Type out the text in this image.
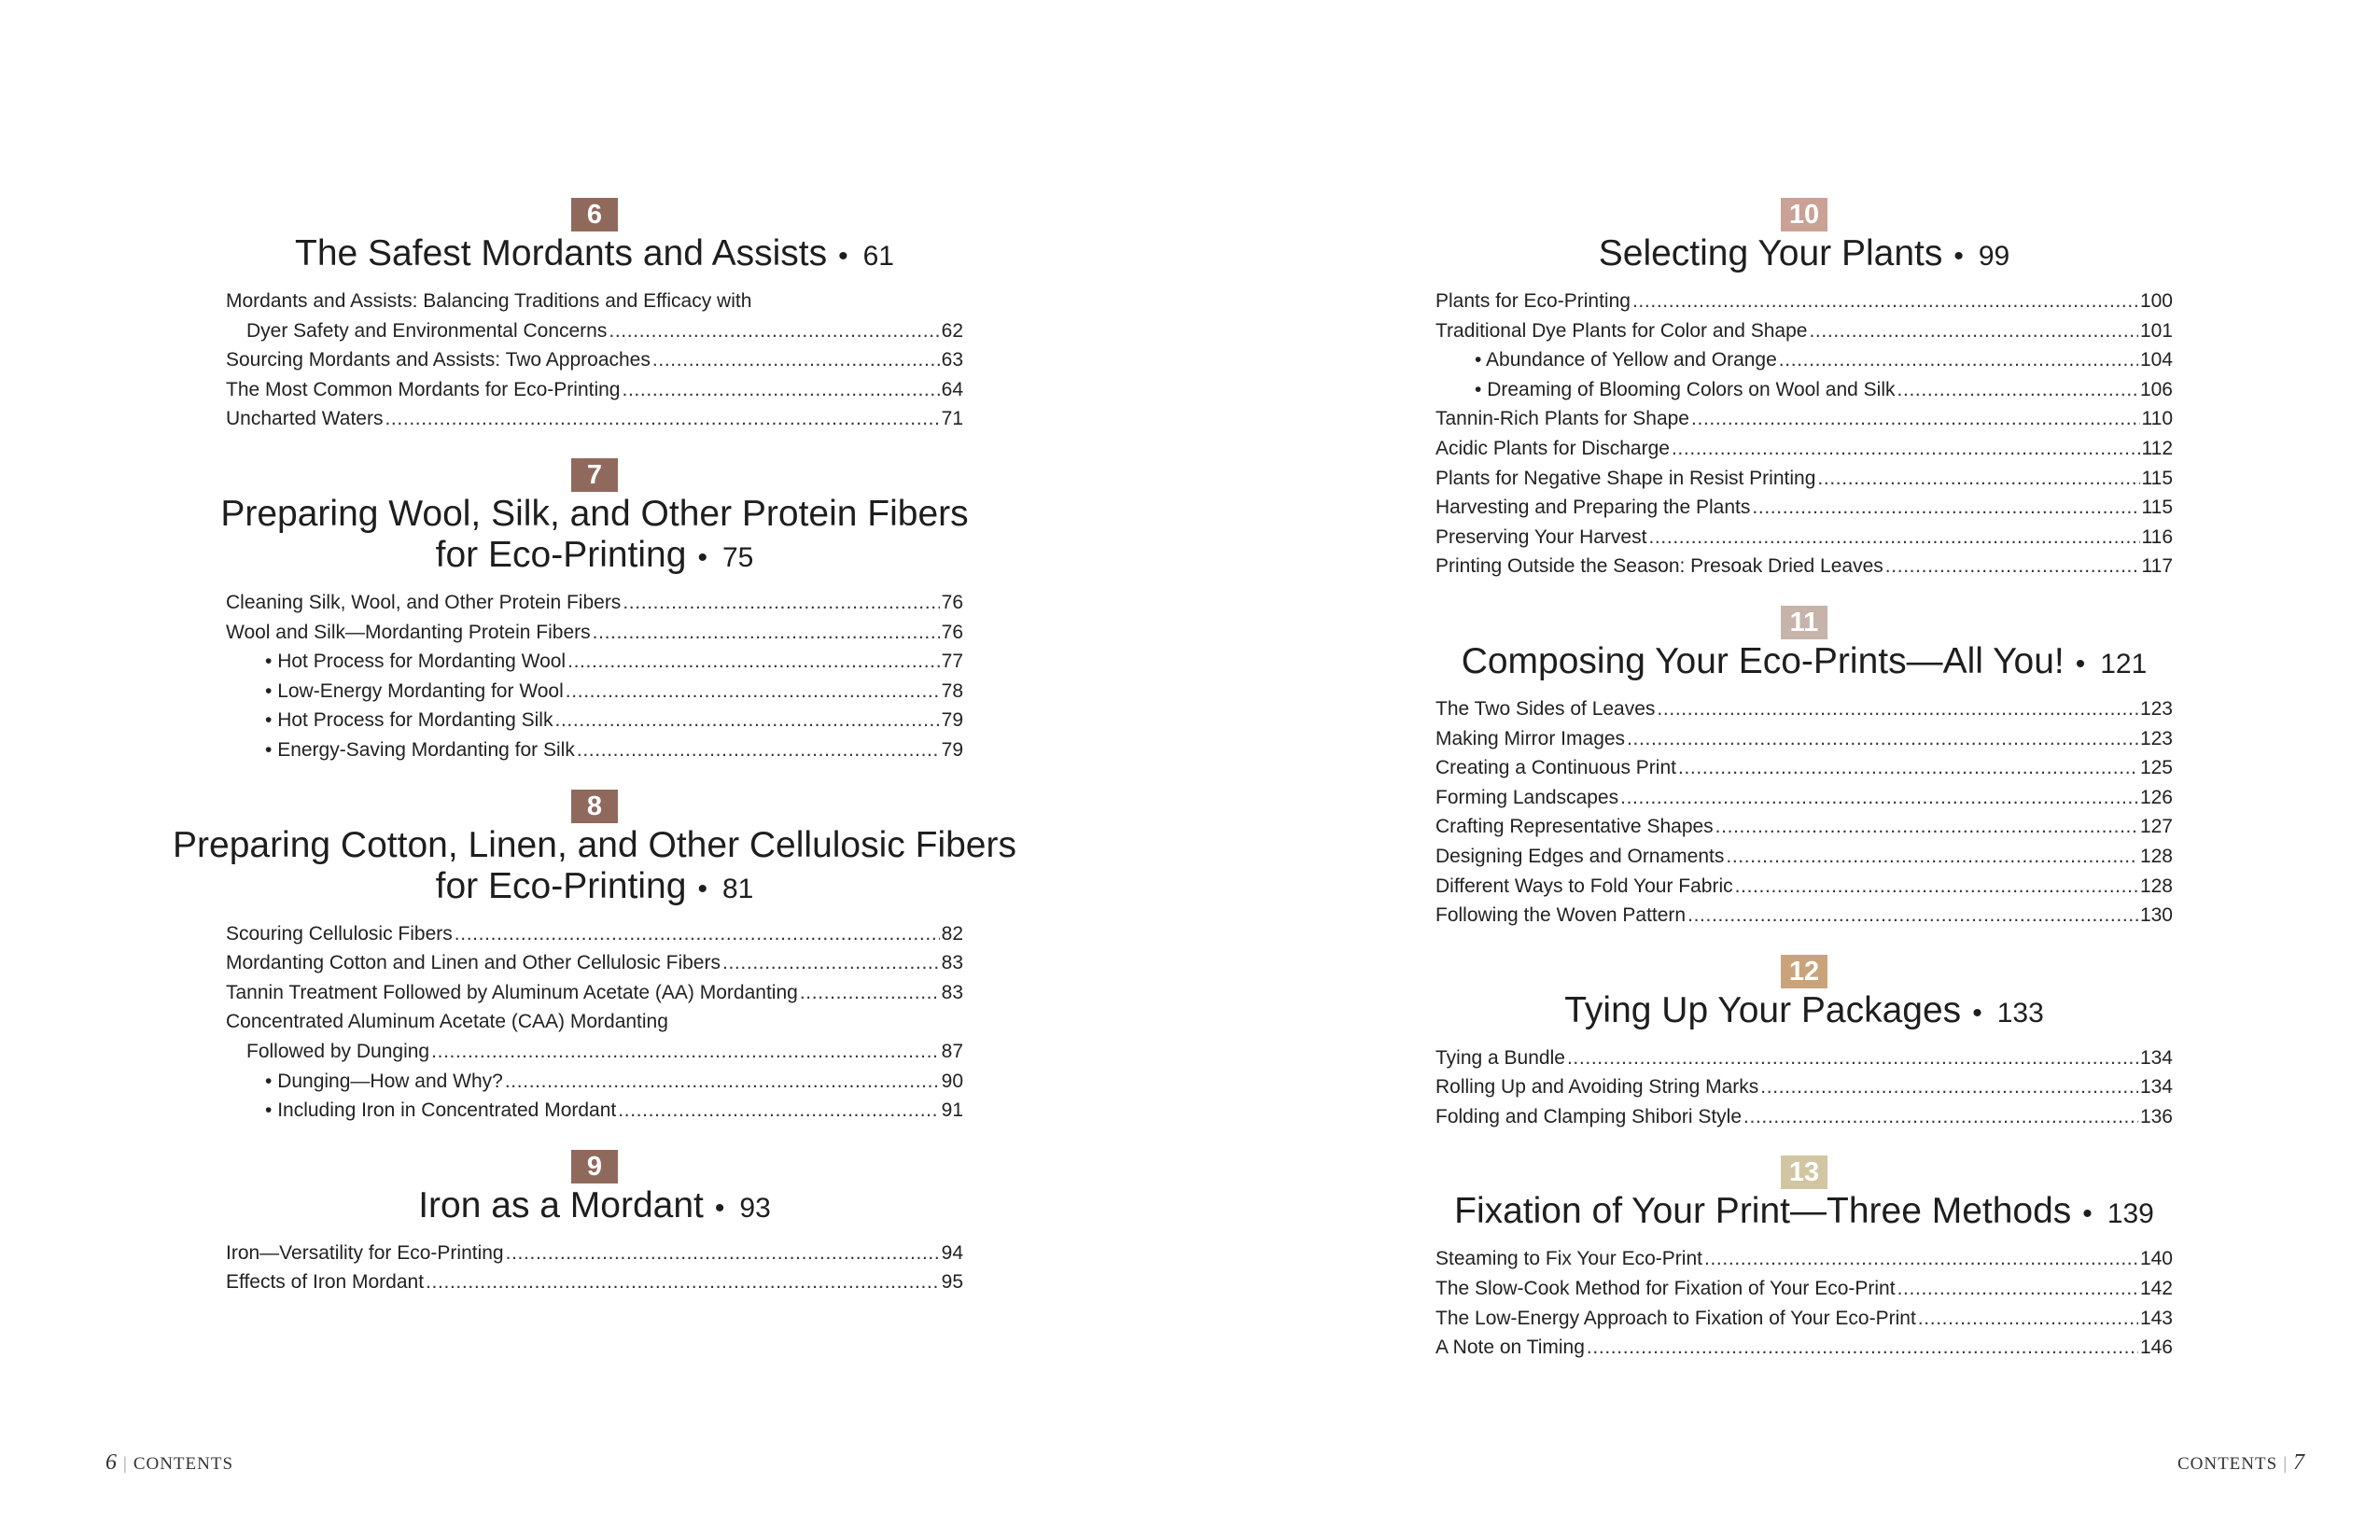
6
The Safest Mordants and Assists • 61
Mordants and Assists: Balancing Traditions and Efficacy with
Dyer Safety and Environmental Concerns . . .	62
Sourcing Mordants and Assists: Two Approaches . . .	63
The Most Common Mordants for Eco-Printing . . .	64
Uncharted Waters . . .	71
7
Preparing Wool, Silk, and Other Protein Fibers
for Eco-Printing • 75
Cleaning Silk, Wool, and Other Protein Fibers . . .	76
Wool and Silk—Mordanting Protein Fibers . . .	76
• Hot Process for Mordanting Wool . . .	77
• Low-Energy Mordanting for Wool . . .	78
• Hot Process for Mordanting Silk . . .	79
• Energy-Saving Mordanting for Silk . . .	79
8
Preparing Cotton, Linen, and Other Cellulosic Fibers
for Eco-Printing • 81
Scouring Cellulosic Fibers . . .	82
Mordanting Cotton and Linen and Other Cellulosic Fibers . . .	83
Tannin Treatment Followed by Aluminum Acetate (AA) Mordanting . . .	83
Concentrated Aluminum Acetate (CAA) Mordanting
Followed by Dunging . . .	87
• Dunging—How and Why? . . .	90
• Including Iron in Concentrated Mordant . . .	91
9
Iron as a Mordant • 93
Iron—Versatility for Eco-Printing . . .	94
Effects of Iron Mordant . . .	95
10
Selecting Your Plants • 99
Plants for Eco-Printing . . .	100
Traditional Dye Plants for Color and Shape . . .	101
• Abundance of Yellow and Orange . . .	104
• Dreaming of Blooming Colors on Wool and Silk . . .	106
Tannin-Rich Plants for Shape . . .	110
Acidic Plants for Discharge . . .	112
Plants for Negative Shape in Resist Printing . . .	115
Harvesting and Preparing the Plants . . .	115
Preserving Your Harvest . . .	116
Printing Outside the Season: Presoak Dried Leaves . . .	117
11
Composing Your Eco-Prints—All You! • 121
The Two Sides of Leaves . . .	123
Making Mirror Images . . .	123
Creating a Continuous Print . . .	125
Forming Landscapes . . .	126
Crafting Representative Shapes . . .	127
Designing Edges and Ornaments . . .	128
Different Ways to Fold Your Fabric . . .	128
Following the Woven Pattern . . .	130
12
Tying Up Your Packages • 133
Tying a Bundle . . .	134
Rolling Up and Avoiding String Marks . . .	134
Folding and Clamping Shibori Style . . .	136
13
Fixation of Your Print—Three Methods • 139
Steaming to Fix Your Eco-Print . . .	140
The Slow-Cook Method for Fixation of Your Eco-Print . . .	142
The Low-Energy Approach to Fixation of Your Eco-Print . . .	143
A Note on Timing . . .	146
6 | CONTENTS	CONTENTS | 7
